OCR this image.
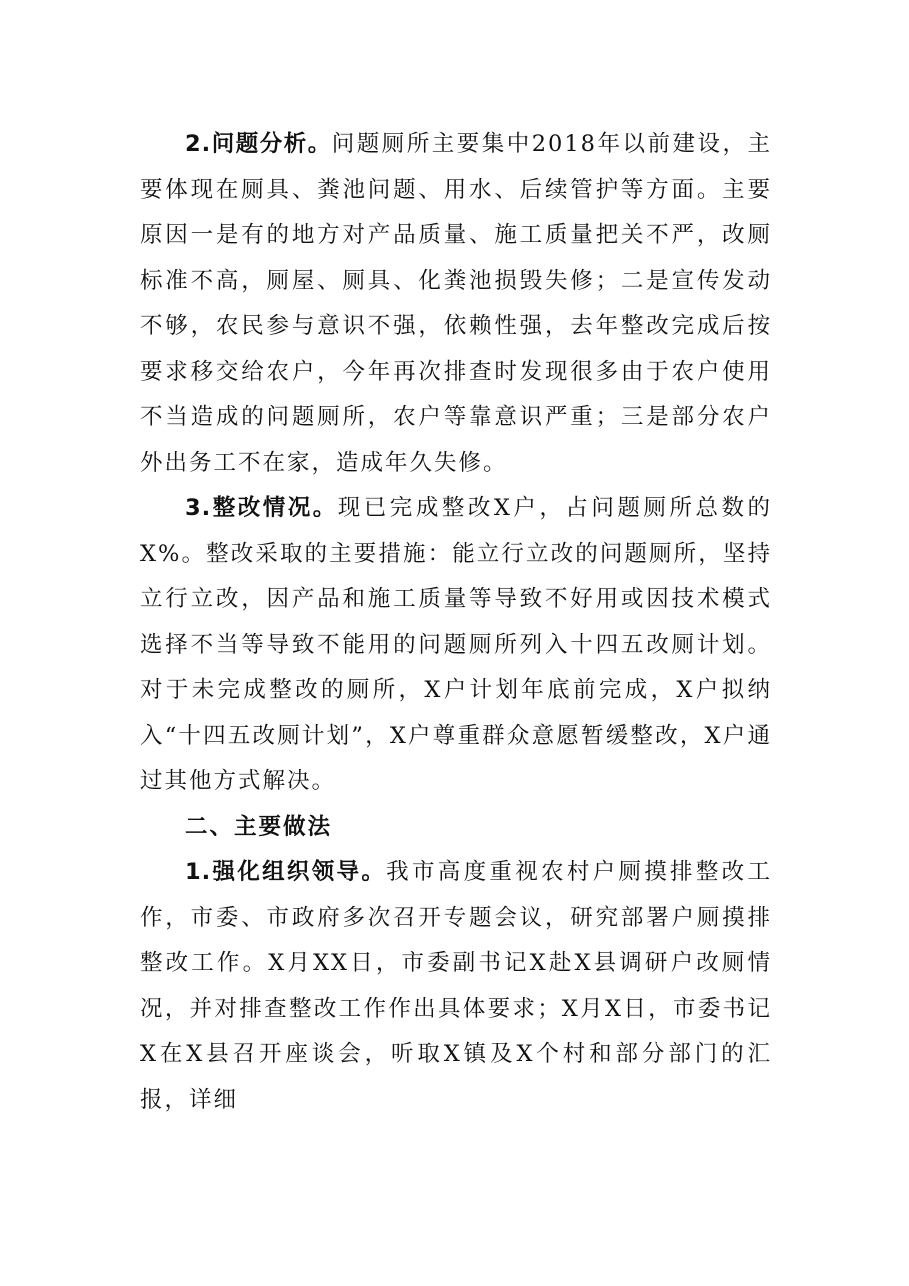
2.问题分析。问题厕所主要集中2018年以前建设，主要体现在厕具、粪池问题、用水、后续管护等方面。主要原因一是有的地方对产品质量、施工质量把关不严，改厕标准不高，厕屋、厕具、化粪池损毁失修；二是宣传发动不够，农民参与意识不强，依赖性强，去年整改完成后按要求移交给农户，今年再次排查时发现很多由于农户使用不当造成的问题厕所，农户等靠意识严重；三是部分农户外出务工不在家，造成年久失修。

3.整改情况。现已完成整改X户，占问题厕所总数的X%。整改采取的主要措施：能立行立改的问题厕所，坚持立行立改，因产品和施工质量等导致不好用或因技术模式选择不当等导致不能用的问题厕所列入十四五改厕计划。对于未完成整改的厕所，X户计划年底前完成，X户拟纳入“十四五改厕计划”，X户尊重群众意愿暂缓整改，X户通过其他方式解决。

二、主要做法

1.强化组织领导。我市高度重视农村户厕摸排整改工作，市委、市政府多次召开专题会议，研究部署户厕摸排整改工作。X月XX日，市委副书记X赴X县调研户改厕情况，并对排查整改工作作出具体要求；X月X日，市委书记X在X县召开座谈会，听取X镇及X个村和部分部门的汇报，详细
